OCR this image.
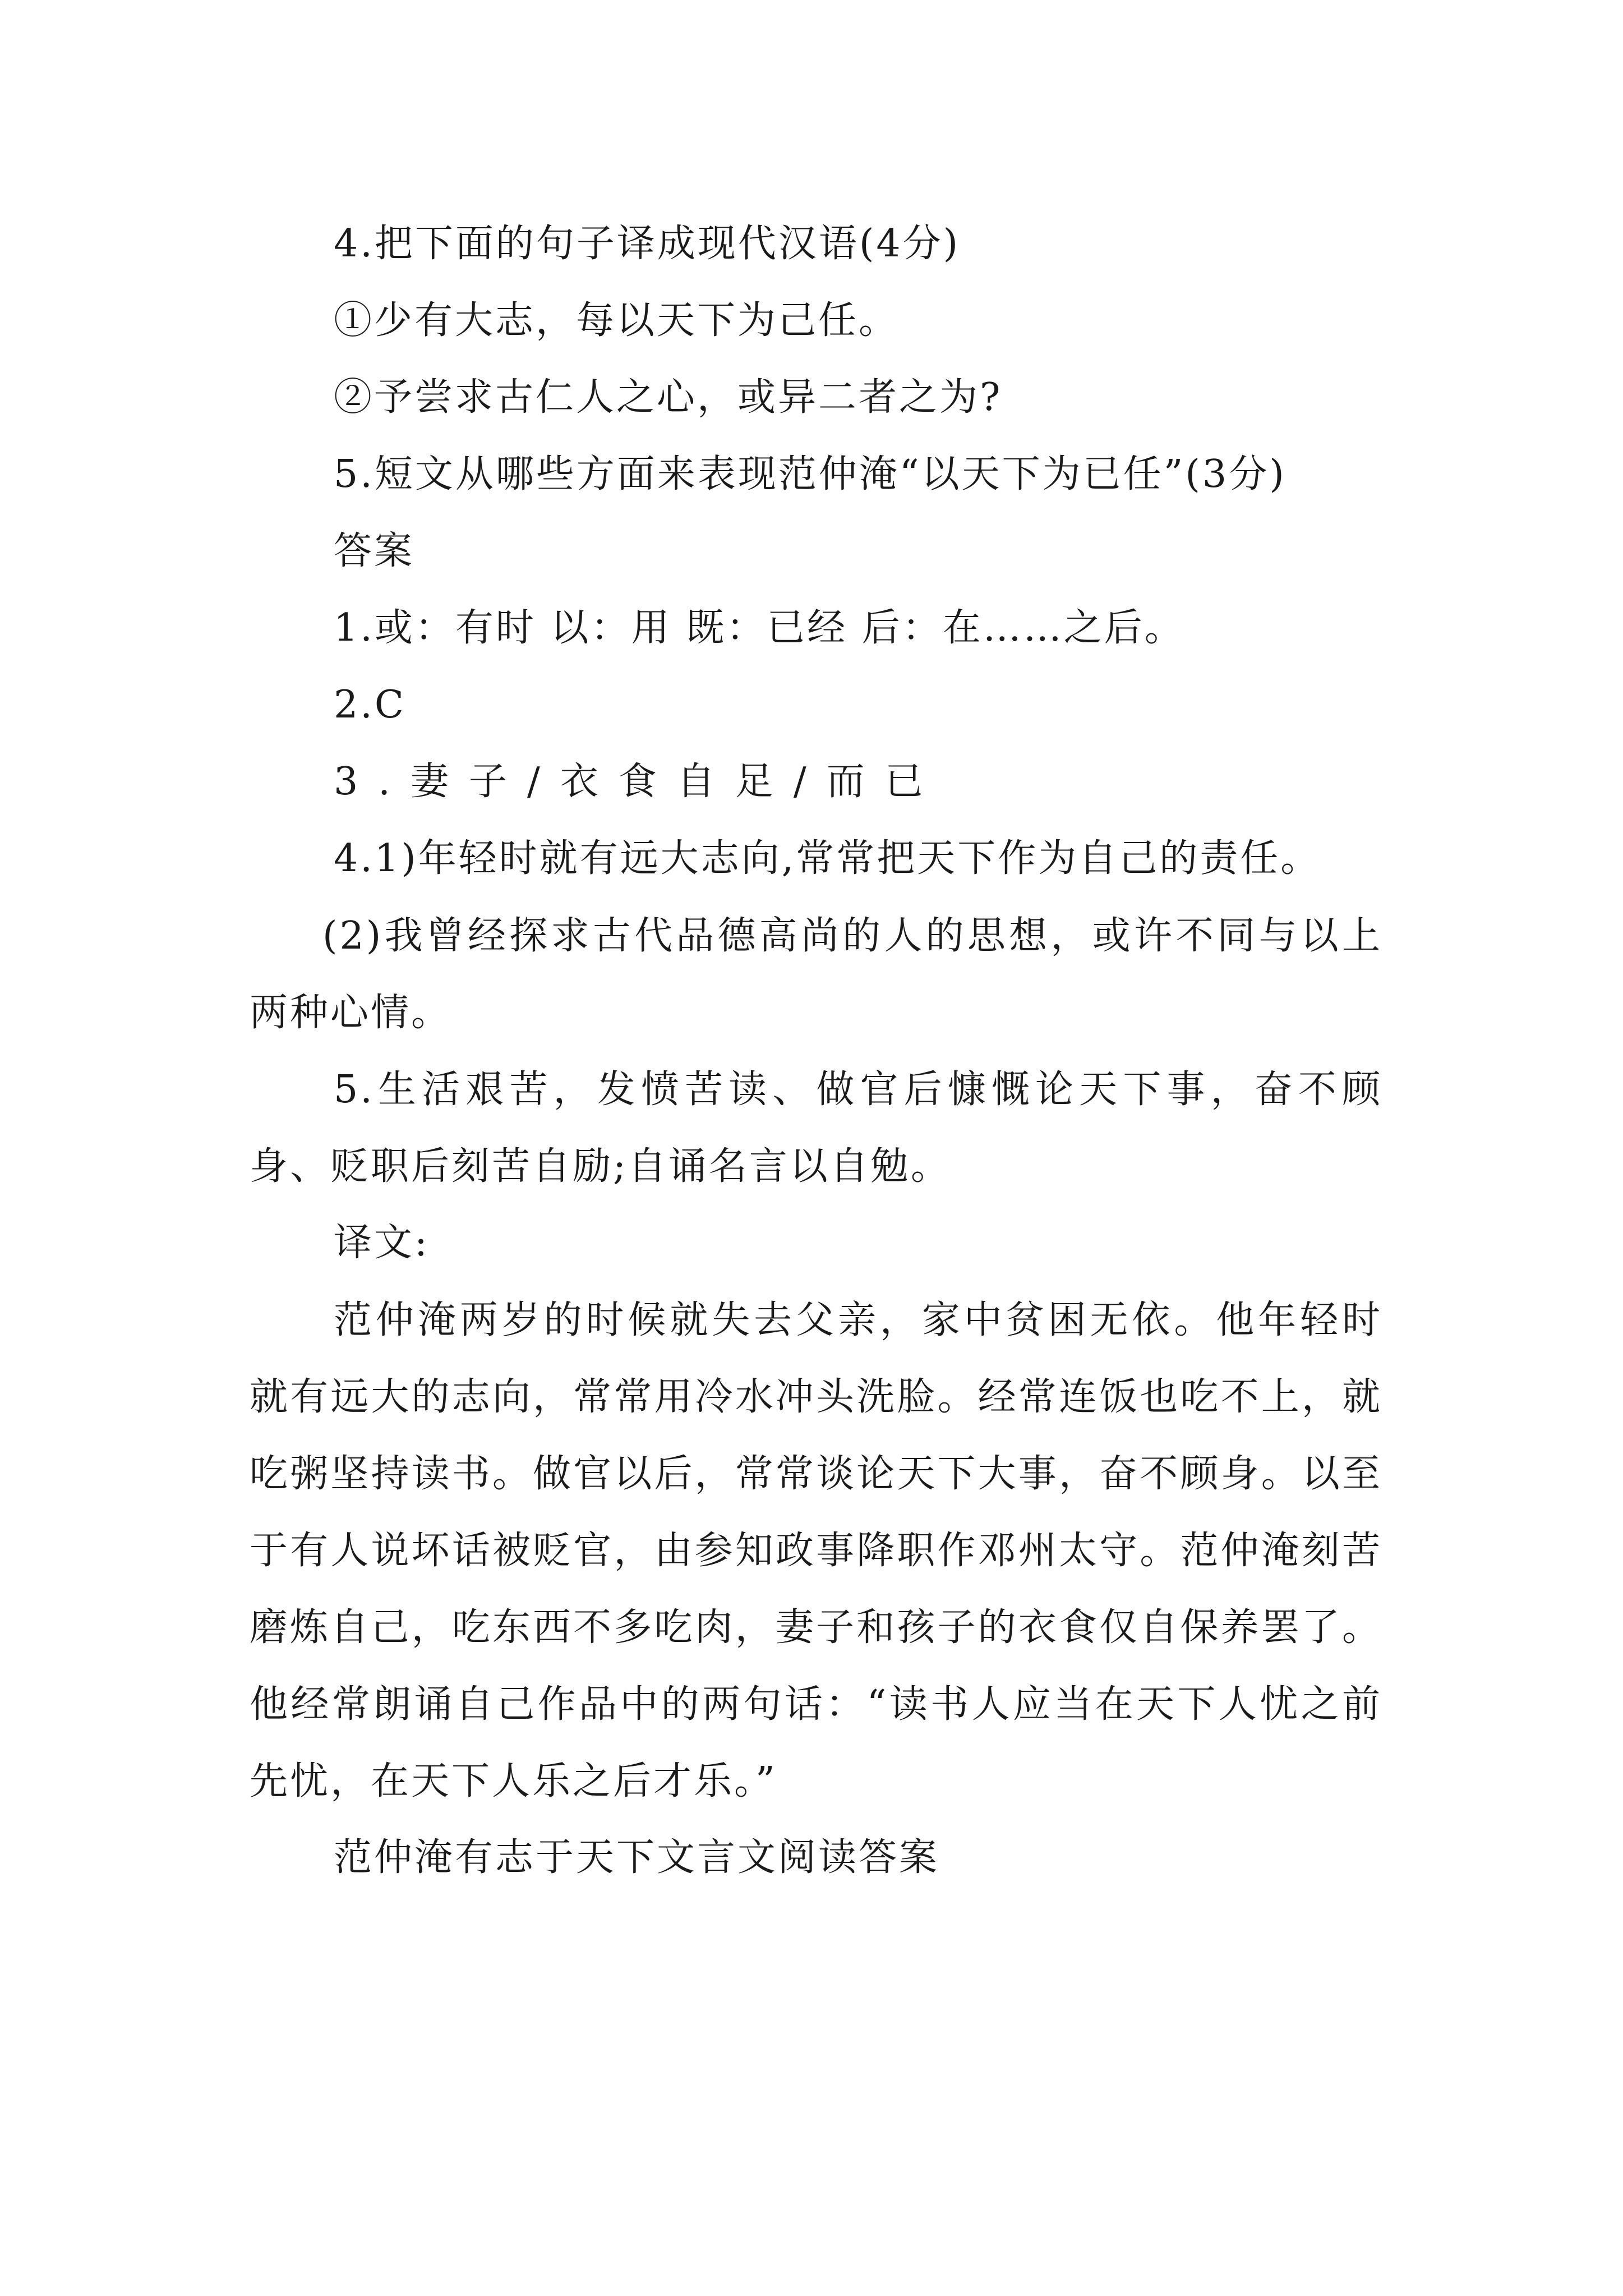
4.把下面的句子译成现代汉语(4分)
①少有大志，每以天下为己任。
②予尝求古仁人之心，或异二者之为?
5.短文从哪些方面来表现范仲淹“以天下为已任”(3分)
答案
1.或：有时 以：用 既：已经 后：在……之后。
2.C
3.妻子/衣食自足/而已
4.1)年轻时就有远大志向,常常把天下作为自己的责任。
(2)我曾经探求古代品德高尚的人的思想，或许不同与以上两种心情。
5.生活艰苦，发愤苦读、做官后慷慨论天下事，奋不顾身、贬职后刻苦自励;自诵名言以自勉。
译文:
范仲淹两岁的时候就失去父亲，家中贫困无依。他年轻时就有远大的志向，常常用冷水冲头洗脸。经常连饭也吃不上，就吃粥坚持读书。做官以后，常常谈论天下大事，奋不顾身。以至于有人说坏话被贬官，由参知政事降职作邓州太守。范仲淹刻苦磨炼自己，吃东西不多吃肉，妻子和孩子的衣食仅自保养罢了。他经常朗诵自己作品中的两句话：“读书人应当在天下人忧之前先忧，在天下人乐之后才乐。”
范仲淹有志于天下文言文阅读答案
